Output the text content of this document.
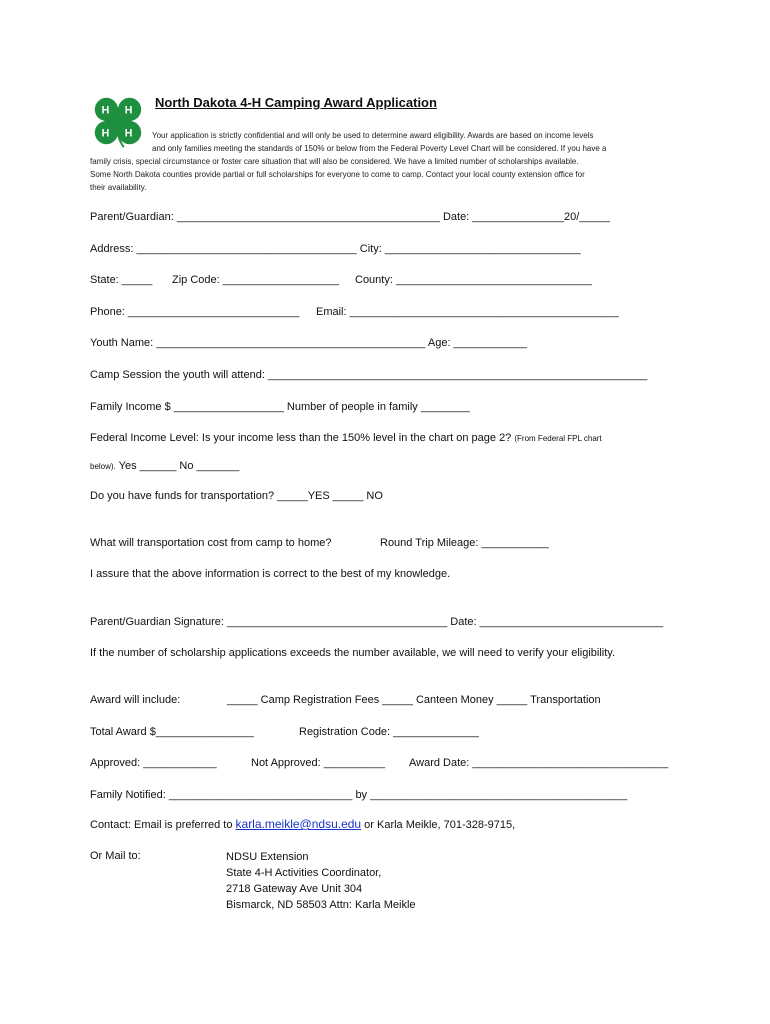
H H
H H
North Dakota 4-H Camping Award Application
Your application is strictly confidential and will only be used to determine award eligibility. Awards are based on income levels
and only families meeting the standards of 150% or below from the Federal Poverty Level Chart will be considered. If you have a
family crisis, special circumstance or foster care situation that will also be considered. We have a limited number of scholarships available.
Some North Dakota counties provide partial or full scholarships for everyone to come to camp. Contact your local county extension office for
their availability.
Parent/Guardian: ___________________________________________ Date: _______________20/_____
Address: ____________________________________ City: ________________________________
State: _____ Zip Code: ___________________ County: ________________________________
Phone: ____________________________ Email: ____________________________________________
Youth Name: ____________________________________________ Age: ____________
Camp Session the youth will attend: ______________________________________________________________
Family Income $ __________________ Number of people in family ________
Federal Income Level: Is your income less than the 150% level in the chart on page 2? (From Federal FPL chart
below). Yes ______ No _______
Do you have funds for transportation? _____YES _____ NO
What will transportation cost from camp to home?	Round Trip Mileage: ___________
I assure that the above information is correct to the best of my knowledge.
Parent/Guardian Signature: ____________________________________ Date: ______________________________
If the number of scholarship applications exceeds the number available, we will need to verify your eligibility.
Award will include:	_____ Camp Registration Fees _____ Canteen Money _____ Transportation
Total Award $________________	Registration Code: ______________
Approved: ____________	Not Approved: __________ Award Date: ________________________________
Family Notified: ______________________________ by __________________________________________
Contact: Email is preferred to karla.meikle@ndsu.edu or Karla Meikle, 701-328-9715,
Or Mail to:	NDSU Extension
State 4-H Activities Coordinator,
2718 Gateway Ave Unit 304
Bismarck, ND 58503 Attn: Karla Meikle
